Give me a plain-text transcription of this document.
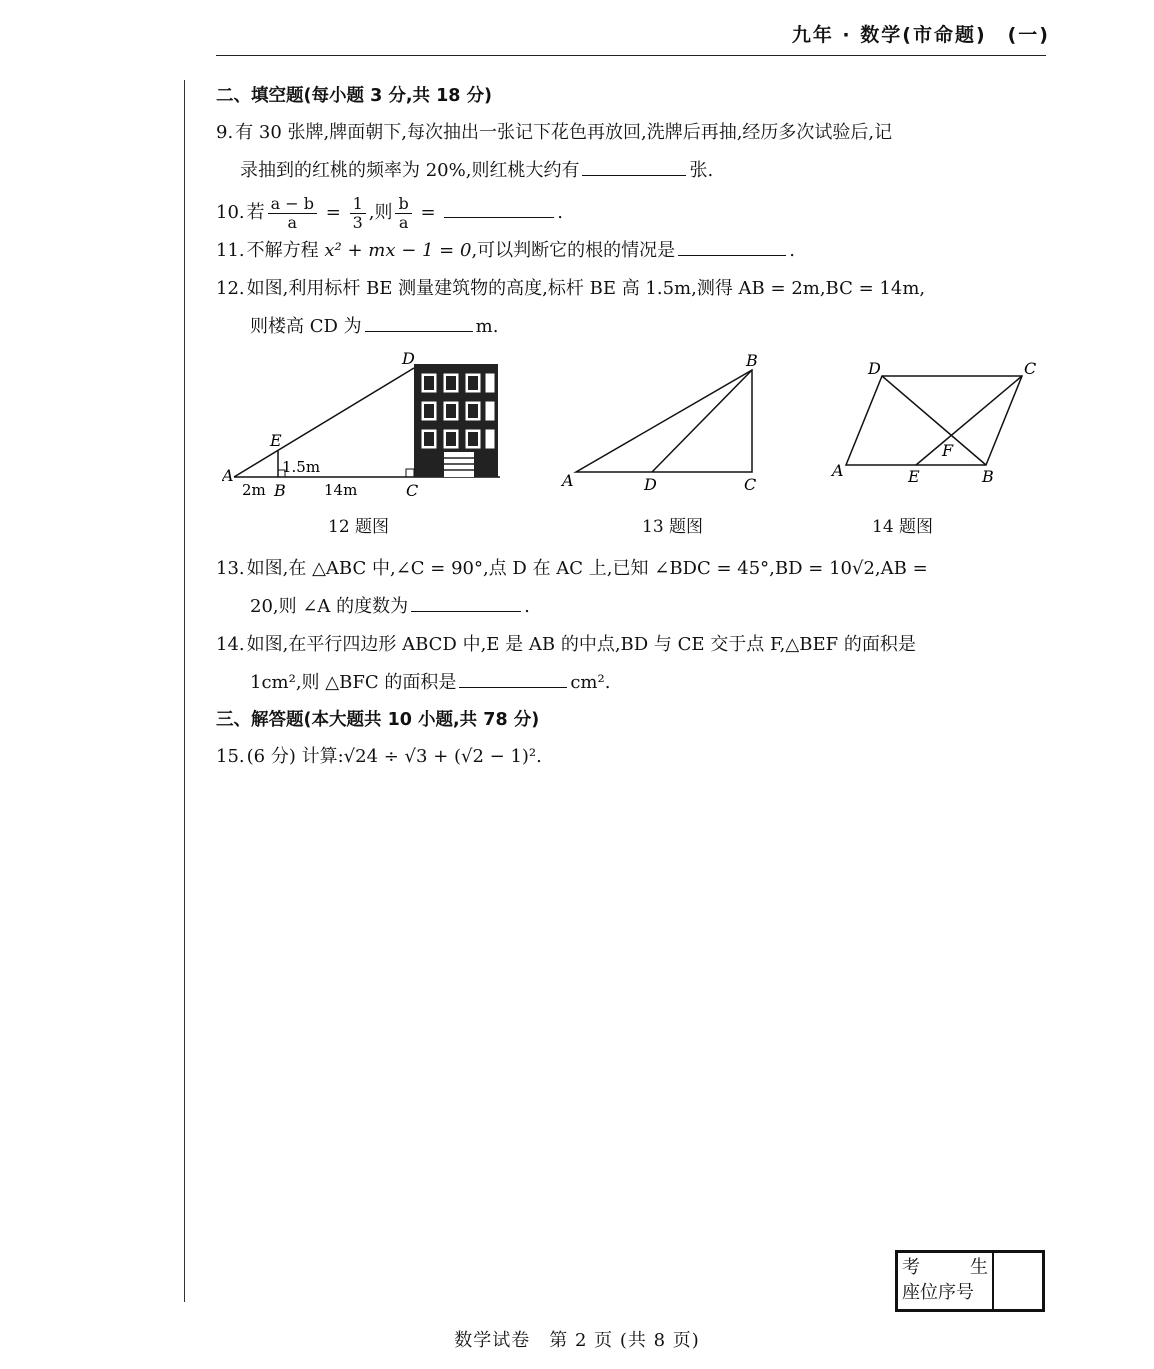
九年 · 数学(市命题)　(一)
二、填空题(每小题 3 分,共 18 分)
9. 有 30 张牌,牌面朝下,每次抽出一张记下花色再放回,洗牌后再抽,经历多次试验后,记
录抽到的红桃的频率为 20%,则红桃大约有	张.
10. 若 $\frac{a - b}{a} = \frac{1}{3}$ ,则 $\frac{b}{a}$ =	.
11. 不解方程 x² + mx − 1 = 0,可以判断它的根的情况是	.
12. 如图,利用标杆 BE 测量建筑物的高度,标杆 BE 高 1.5m,测得 AB = 2m,BC = 14m,
则楼高 CD 为	m.
A
B	C
D
E
1.5m
2m	14m
12 题图
A
B
C
D
13 题图
A	B
C
D
E
F
14 题图
13. 如图,在 △ABC 中,∠C = 90°,点 D 在 AC 上,已知 ∠BDC = 45°,BD = 10√2,AB =
20,则 ∠A 的度数为	.
14. 如图,在平行四边形 ABCD 中,E 是 AB 的中点,BD 与 CE 交于点 F,△BEF 的面积是
1cm²,则 △BFC 的面积是	cm².
三、解答题(本大题共 10 小题,共 78 分)
15. (6 分) 计算:√24 ÷ √3 + (√2 − 1)².
考	生
座位序号
数学试卷　第 2 页 (共 8 页)
